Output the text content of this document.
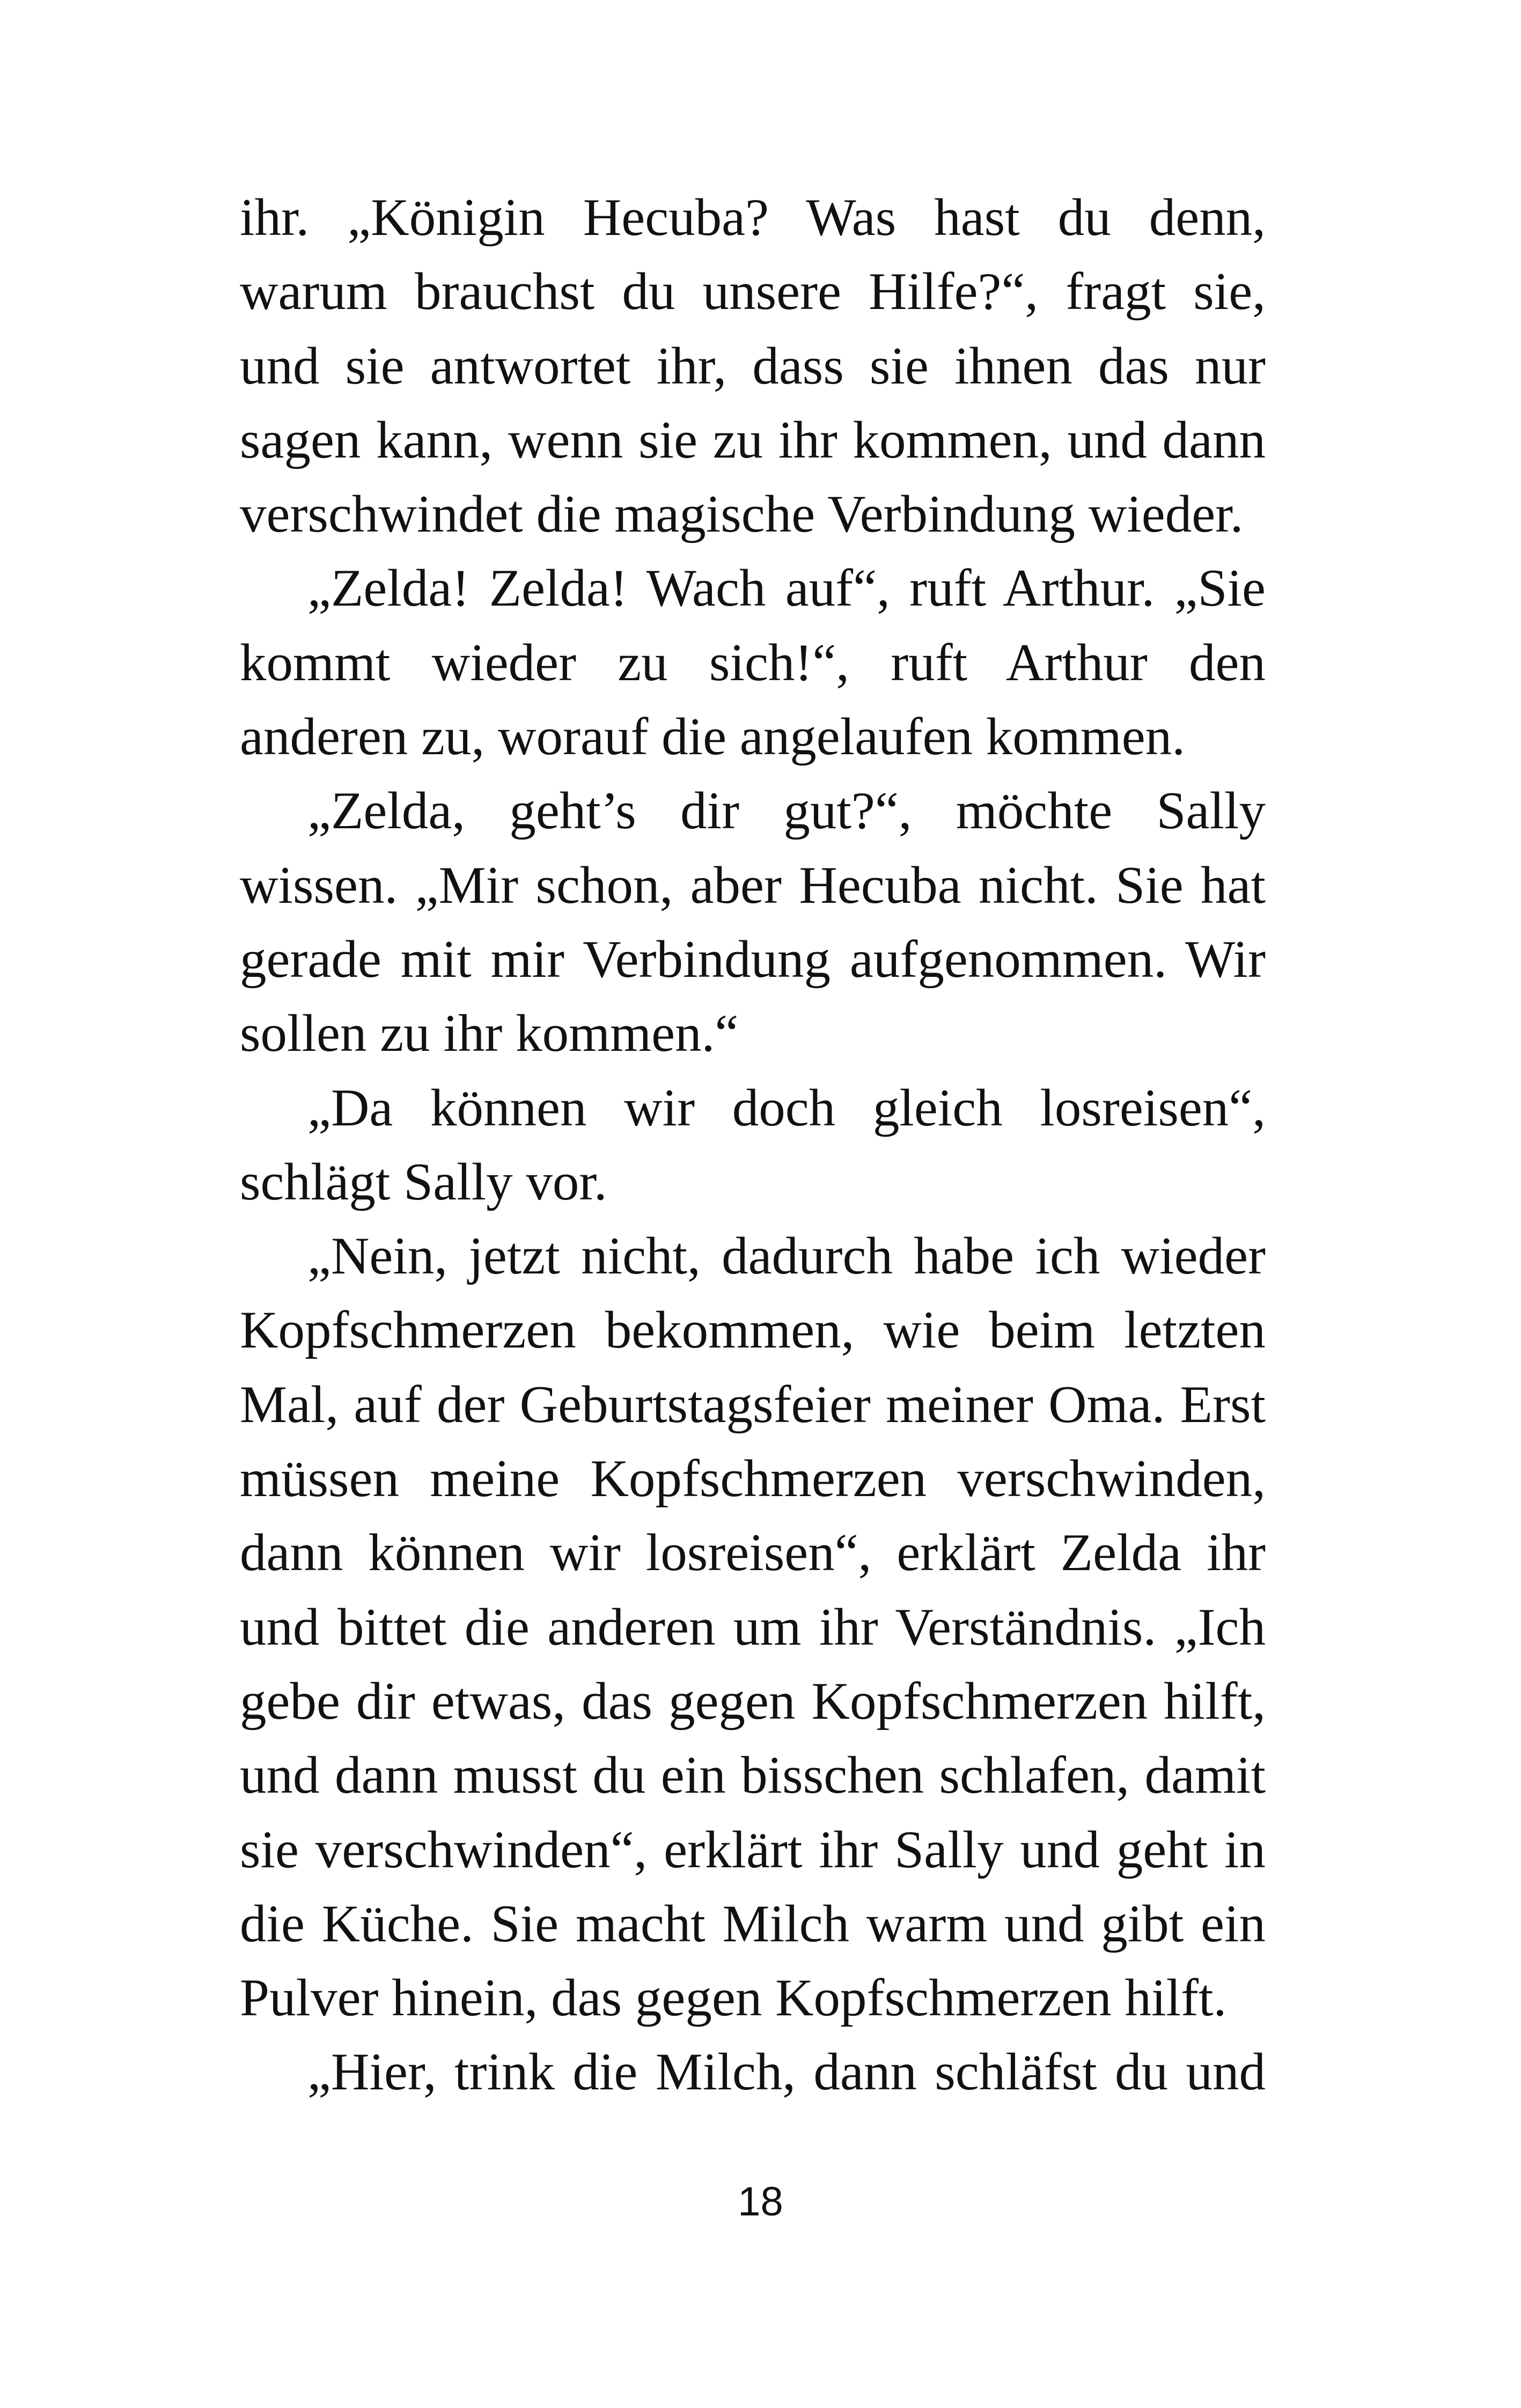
ihr. „Königin Hecuba? Was hast du denn, warum brauchst du unsere Hilfe?“, fragt sie, und sie antwortet ihr, dass sie ihnen das nur sagen kann, wenn sie zu ihr kommen, und dann verschwindet die magische Verbindung wieder.

„Zelda! Zelda! Wach auf“, ruft Arthur. „Sie kommt wieder zu sich!“, ruft Arthur den anderen zu, worauf die angelaufen kommen.

„Zelda, geht’s dir gut?“, möchte Sally wissen. „Mir schon, aber Hecuba nicht. Sie hat gerade mit mir Verbindung aufgenommen. Wir sollen zu ihr kommen.“

„Da können wir doch gleich losreisen“, schlägt Sally vor.

„Nein, jetzt nicht, dadurch habe ich wieder Kopfschmerzen bekommen, wie beim letzten Mal, auf der Geburtstagsfeier meiner Oma. Erst müssen meine Kopfschmerzen verschwinden, dann können wir losreisen“, erklärt Zelda ihr und bittet die anderen um ihr Verständnis. „Ich gebe dir etwas, das gegen Kopfschmerzen hilft, und dann musst du ein bisschen schlafen, damit sie verschwinden“, erklärt ihr Sally und geht in die Küche. Sie macht Milch warm und gibt ein Pulver hinein, das gegen Kopfschmerzen hilft.

„Hier, trink die Milch, dann schläfst du und

18
